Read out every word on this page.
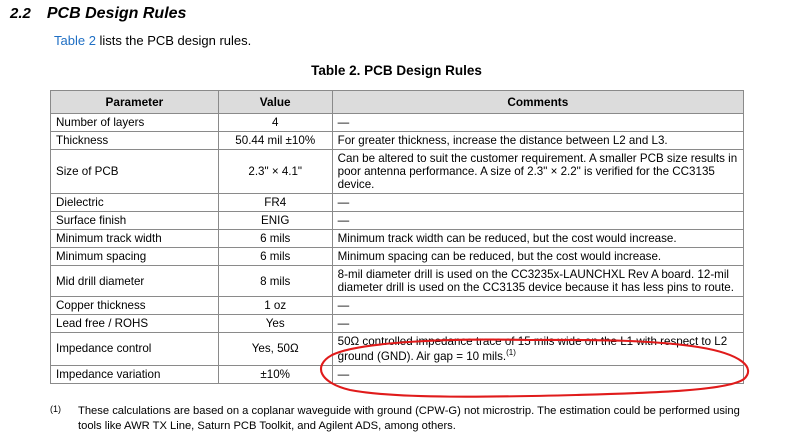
2.2 PCB Design Rules
Table 2 lists the PCB design rules.
Table 2. PCB Design Rules
Parameter	Value	Comments
Number of layers	4	—
Thickness	50.44 mil ±10%	For greater thickness, increase the distance between L2 and L3.
Size of PCB	2.3" × 4.1"	Can be altered to suit the customer requirement. A smaller PCB size results in poor antenna performance. A size of 2.3" × 2.2" is verified for the CC3135 device.
Dielectric	FR4	—
Surface finish	ENIG	—
Minimum track width	6 mils	Minimum track width can be reduced, but the cost would increase.
Minimum spacing	6 mils	Minimum spacing can be reduced, but the cost would increase.
Mid drill diameter	8 mils	8-mil diameter drill is used on the CC3235x-LAUNCHXL Rev A board. 12-mil diameter drill is used on the CC3135 device because it has less pins to route.
Copper thickness	1 oz	—
Lead free / ROHS	Yes	—
Impedance control	Yes, 50Ω	50Ω controlled impedance trace of 15 mils wide on the L1 with respect to L2 ground (GND). Air gap = 10 mils.$^{(1)}$
Impedance variation	±10%	—
(1) These calculations are based on a coplanar waveguide with ground (CPW-G) not microstrip. The estimation could be performed using tools like AWR TX Line, Saturn PCB Toolkit, and Agilent ADS, among others.
